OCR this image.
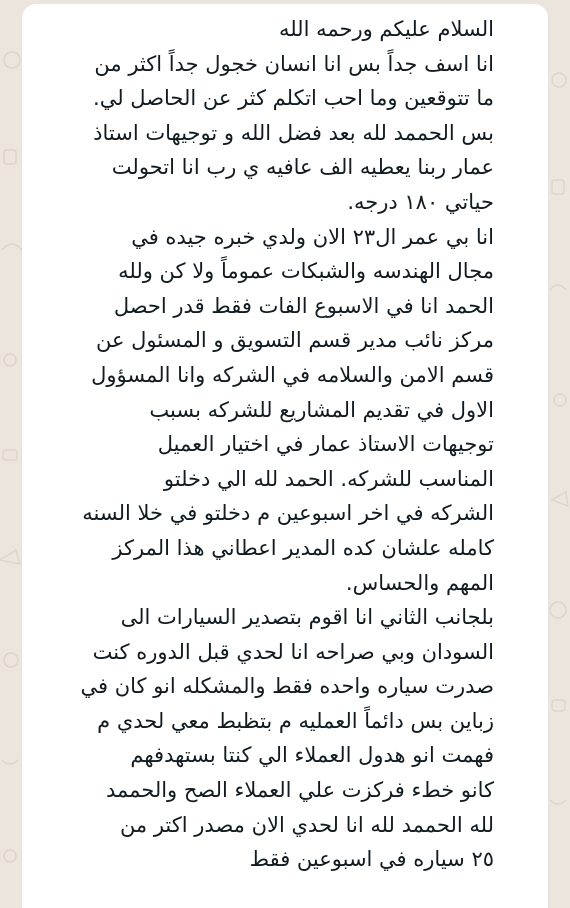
السلام عليكم ورحمه الله
انا اسف جداً بس انا انسان خجول جداً اكثر من
ما تتوقعين وما احب اتكلم كثر عن الحاصل لي.
بس الحممد لله بعد فضل الله و توجيهات استاذ
عمار ربنا يعطيه الف عافيه ي رب انا اتحولت
حياتي ١٨٠ درجه.
انا بي عمر ال٢٣ الان ولدي خبره جيده في
مجال الهندسه والشبكات عموماً ولا كن ولله
الحمد انا في الاسبوع الفات فقط قدر احصل
مركز نائب مدير قسم التسويق و المسئول عن
قسم الامن والسلامه في الشركه وانا المسؤول
الاول في تقديم المشاريع للشركه بسبب
توجيهات الاستاذ عمار في اختيار العميل
المناسب للشركه. الحمد لله الي دخلتو
الشركه في اخر اسبوعين م دخلتو في خلا السنه
كامله علشان كده المدير اعطاني هذا المركز
المهم والحساس.
بلجانب الثاني انا اقوم بتصدير السيارات الى
السودان وبي صراحه انا لحدي قبل الدوره كنت
صدرت سياره واحده فقط والمشكله انو كان في
زباين بس دائماً العمليه م بتظبط معي لحدي م
فهمت انو هدول العملاء الي كنتا بستهدفهم
كانو خطء فركزت علي العملاء الصح والحممد
لله الحممد لله انا لحدي الان مصدر اكتر من
٢٥ سياره في اسبوعين فقط
